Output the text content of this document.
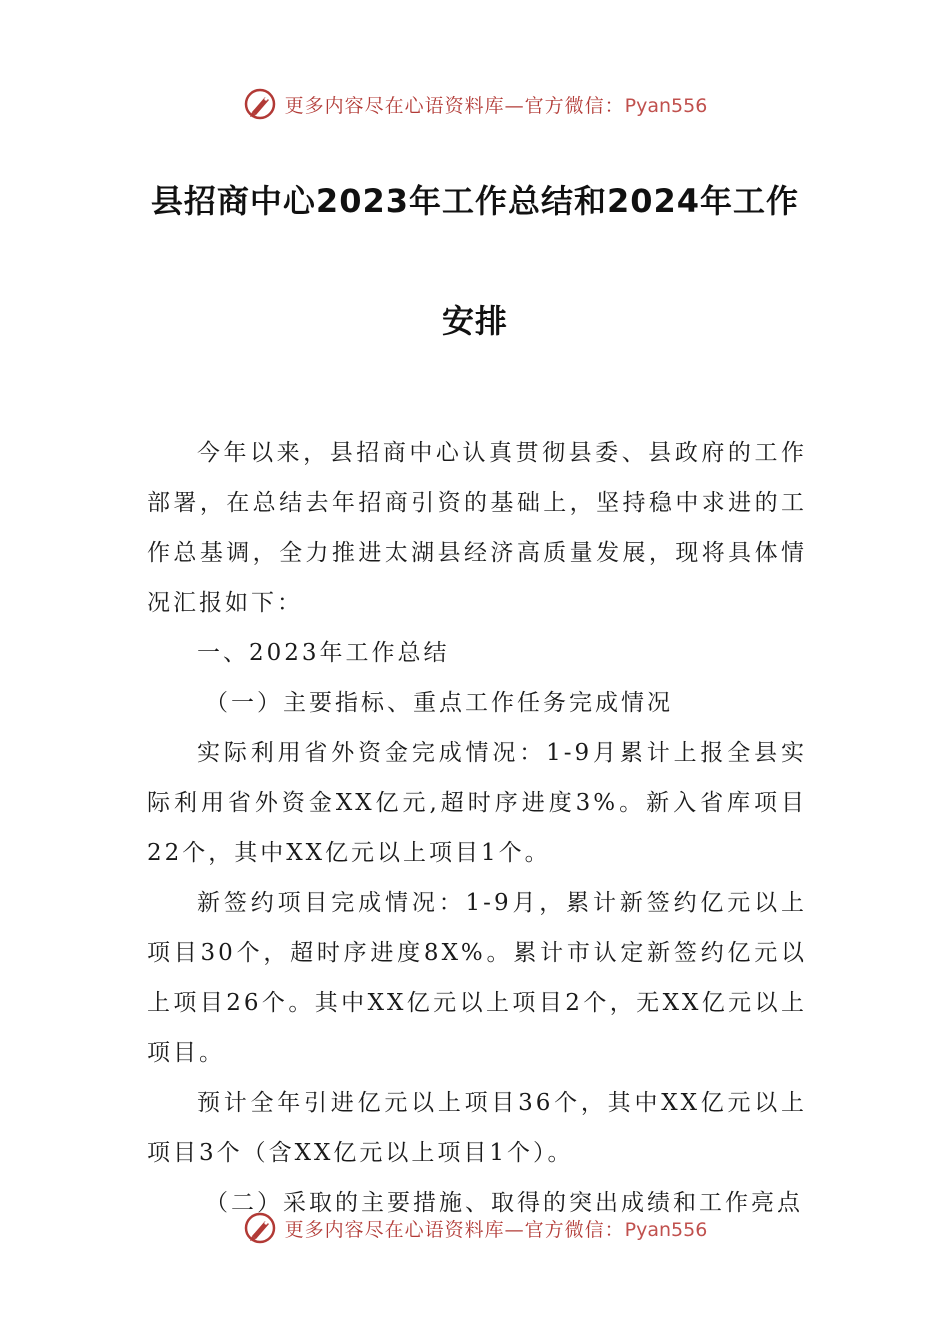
更多内容尽在心语资料库—官方微信：Pyan556
县招商中心2023年工作总结和2024年工作
安排

今年以来，县招商中心认真贯彻县委、县政府的工作部署，在总结去年招商引资的基础上，坚持稳中求进的工作总基调，全力推进太湖县经济高质量发展，现将具体情况汇报如下：

一、2023年工作总结

（一）主要指标、重点工作任务完成情况

实际利用省外资金完成情况：1-9月累计上报全县实际利用省外资金XX亿元,超时序进度3%。新入省库项目22个，其中XX亿元以上项目1个。

新签约项目完成情况：1-9月，累计新签约亿元以上项目30个，超时序进度8X%。累计市认定新签约亿元以上项目26个。其中XX亿元以上项目2个，无XX亿元以上项目。

预计全年引进亿元以上项目36个，其中XX亿元以上项目3个（含XX亿元以上项目1个）。

（二）采取的主要措施、取得的突出成绩和工作亮点

更多内容尽在心语资料库—官方微信：Pyan556
